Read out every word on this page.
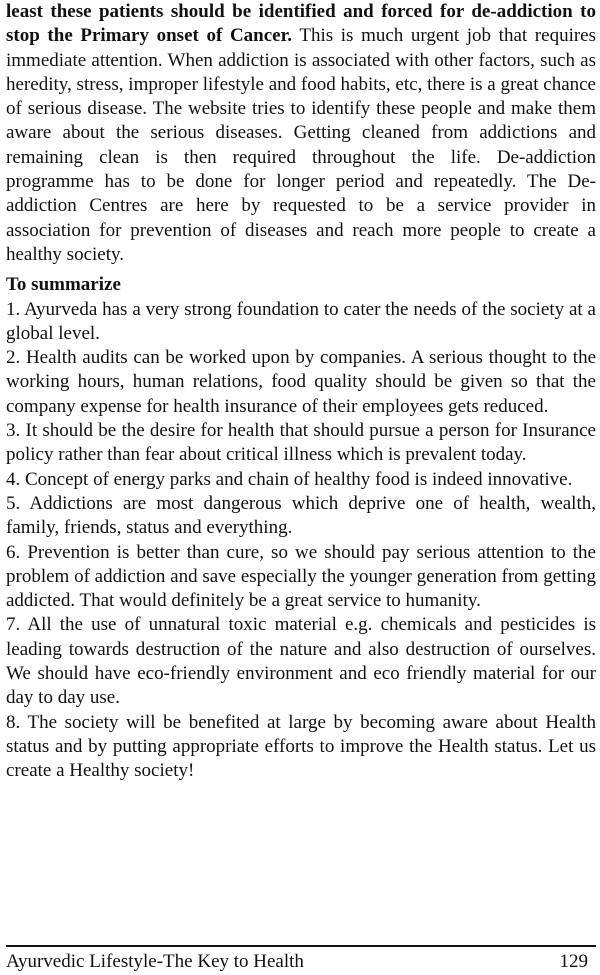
least these patients should be identified and forced for de-addiction to stop the Primary onset of Cancer. This is much urgent job that requires immediate attention. When addiction is associated with other factors, such as heredity, stress, improper lifestyle and food habits, etc, there is a great chance of serious disease. The website tries to identify these people and make them aware about the serious diseases. Getting cleaned from addictions and remaining clean is then required throughout the life. De-addiction programme has to be done for longer period and repeatedly. The De-addiction Centres are here by requested to be a service provider in association for prevention of diseases and reach more people to create a healthy society.

To summarize

1. Ayurveda has a very strong foundation to cater the needs of the society at a global level.

2. Health audits can be worked upon by companies. A serious thought to the working hours, human relations, food quality should be given so that the company expense for health insurance of their employees gets reduced.

3. It should be the desire for health that should pursue a person for Insurance policy rather than fear about critical illness which is prevalent today.

4. Concept of energy parks and chain of healthy food is indeed innovative.

5. Addictions are most dangerous which deprive one of health, wealth, family, friends, status and everything.

6. Prevention is better than cure, so we should pay serious attention to the problem of addiction and save especially the younger generation from getting addicted. That would definitely be a great service to humanity.

7. All the use of unnatural toxic material e.g. chemicals and pesticides is leading towards destruction of the nature and also destruction of ourselves. We should have eco-friendly environment and eco friendly material for our day to day use.

8. The society will be benefited at large by becoming aware about Health status and by putting appropriate efforts to improve the Health status. Let us create a Healthy society!

Ayurvedic Lifestyle-The Key to Health	129
